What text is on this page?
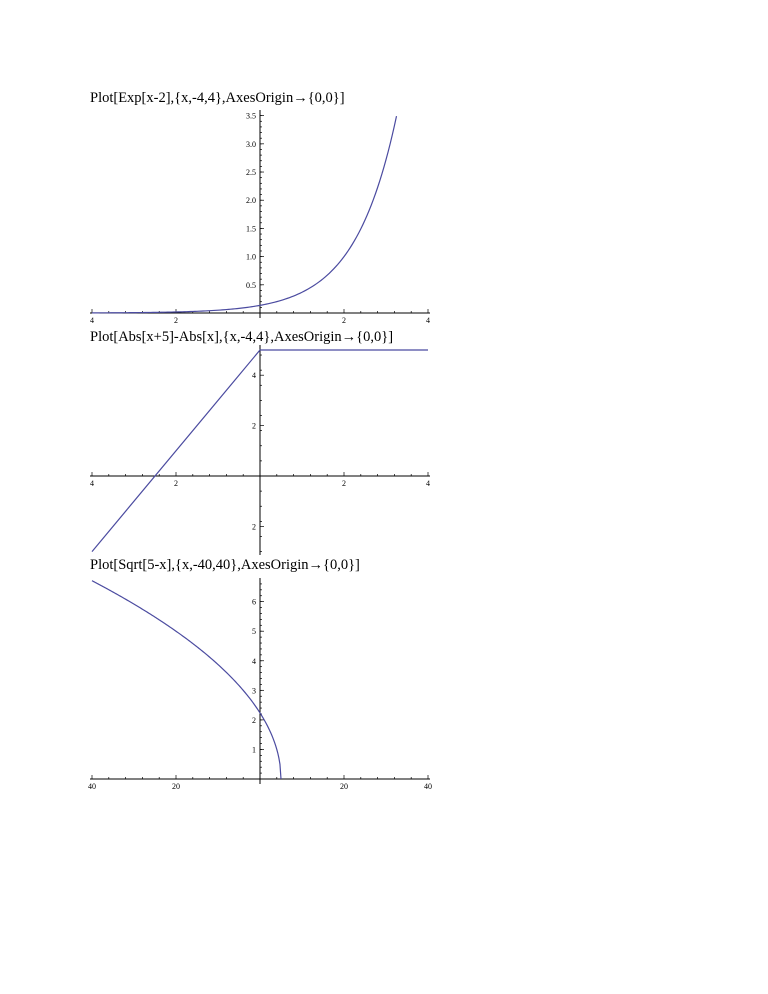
Plot[Exp[x-2],{x,-4,4},AxesOrigin→{0,0}]
4	2	2	4
0.5
1.0
1.5
2.0
2.5
3.0
3.5
Plot[Abs[x+5]-Abs[x],{x,-4,4},AxesOrigin→{0,0}]
4	2	2	4
2
2
4
Plot[Sqrt[5-x],{x,-40,40},AxesOrigin→{0,0}]
40	20	20	40
1
2
3
4
5
6
